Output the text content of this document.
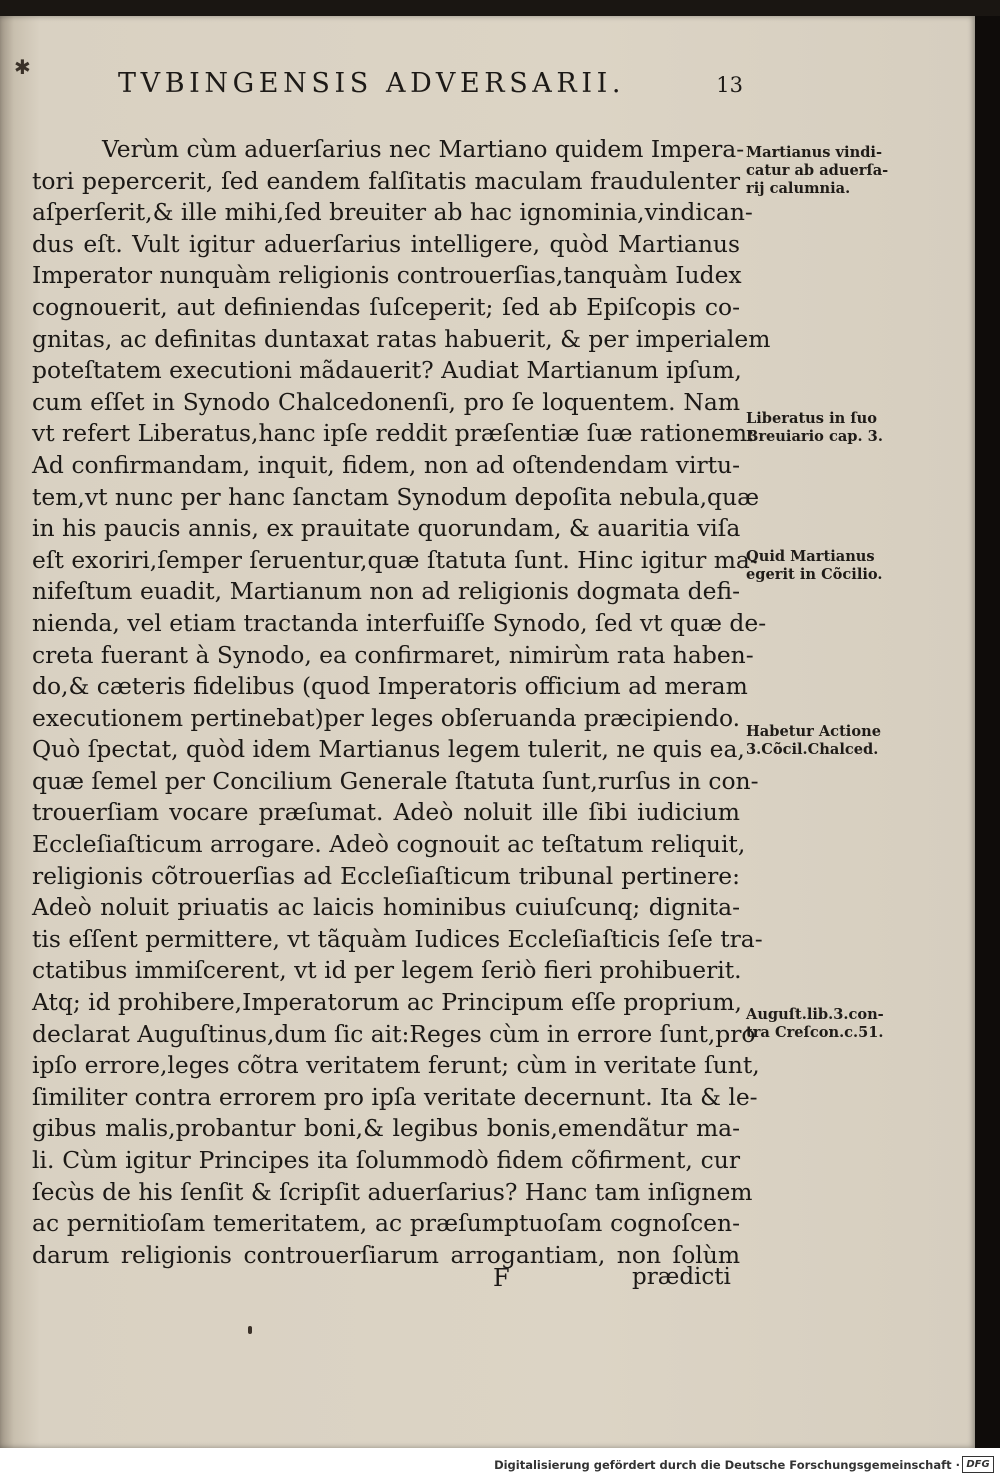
✱
TVBINGENSIS ADVERSARII.	13
Verùm cùm aduerſarius nec Martiano quidem Impera-
tori pepercerit, ſed eandem falſitatis maculam fraudulenter
aſperſerit,& ille mihi,ſed breuiter ab hac ignominia,vindican-
dus eſt. Vult igitur aduerſarius intelligere, quòd Martianus
Imperator nunquàm religionis controuerſias,tanquàm Iudex
cognouerit, aut definiendas ſuſceperit; ſed ab Epiſcopis co-
gnitas, ac definitas duntaxat ratas habuerit, & per imperialem
poteſtatem executioni mãdauerit? Audiat Martianum ipſum,
cum eſſet in Synodo Chalcedonenſi, pro ſe loquentem. Nam
vt refert Liberatus,hanc ipſe reddit præſentiæ ſuæ rationem:
Ad confirmandam, inquit, fidem, non ad oſtendendam virtu-
tem,vt nunc per hanc ſanctam Synodum depoſita nebula,quæ
in his paucis annis, ex prauitate quorundam, & auaritia viſa
eſt exoriri,ſemper ſeruentur,quæ ſtatuta ſunt. Hinc igitur ma-
nifeſtum euadit, Martianum non ad religionis dogmata defi-
nienda, vel etiam tractanda interfuiſſe Synodo, ſed vt quæ de-
creta fuerant à Synodo, ea confirmaret, nimirùm rata haben-
do,& cæteris fidelibus (quod Imperatoris officium ad meram
executionem pertinebat)per leges obſeruanda præcipiendo.
Quò ſpectat, quòd idem Martianus legem tulerit, ne quis ea,
quæ ſemel per Concilium Generale ſtatuta ſunt,rurſus in con-
trouerſiam vocare præſumat. Adeò noluit ille ſibi iudicium
Eccleſiaſticum arrogare. Adeò cognouit ac teſtatum reliquit,
religionis cõtrouerſias ad Eccleſiaſticum tribunal pertinere:
Adeò noluit priuatis ac laicis hominibus cuiuſcunq; dignita-
tis eſſent permittere, vt tãquàm Iudices Eccleſiaſticis ſeſe tra-
ctatibus immiſcerent, vt id per legem ſeriò fieri prohibuerit.
Atq; id prohibere,Imperatorum ac Principum eſſe proprium,
declarat Auguſtinus,dum ſic ait:Reges cùm in errore ſunt,pro
ipſo errore,leges cõtra veritatem ferunt; cùm in veritate ſunt,
ſimiliter contra errorem pro ipſa veritate decernunt. Ita & le-
gibus malis,probantur boni,& legibus bonis,emendãtur ma-
li. Cùm igitur Principes ita ſolummodò fidem cõfirment, cur
ſecùs de his ſenſit & ſcripſit aduerſarius? Hanc tam inſignem
ac pernitioſam temeritatem, ac præſumptuoſam cognoſcen-
darum religionis controuerſiarum arrogantiam, non ſolùm
Martianus vindi-
catur ab aduerſa-
rij calumnia.
Liberatus in ſuo
Breuiario cap. 3.
Quid Martianus
egerit in Cõcilio.
Habetur Actione
3.Cõcil.Chalced.
Auguſt.lib.3.con-
tra Creſcon.c.51.
F	prædicti
Digitalisierung gefördert durch die Deutsche Forschungsgemeinschaft · DFG
